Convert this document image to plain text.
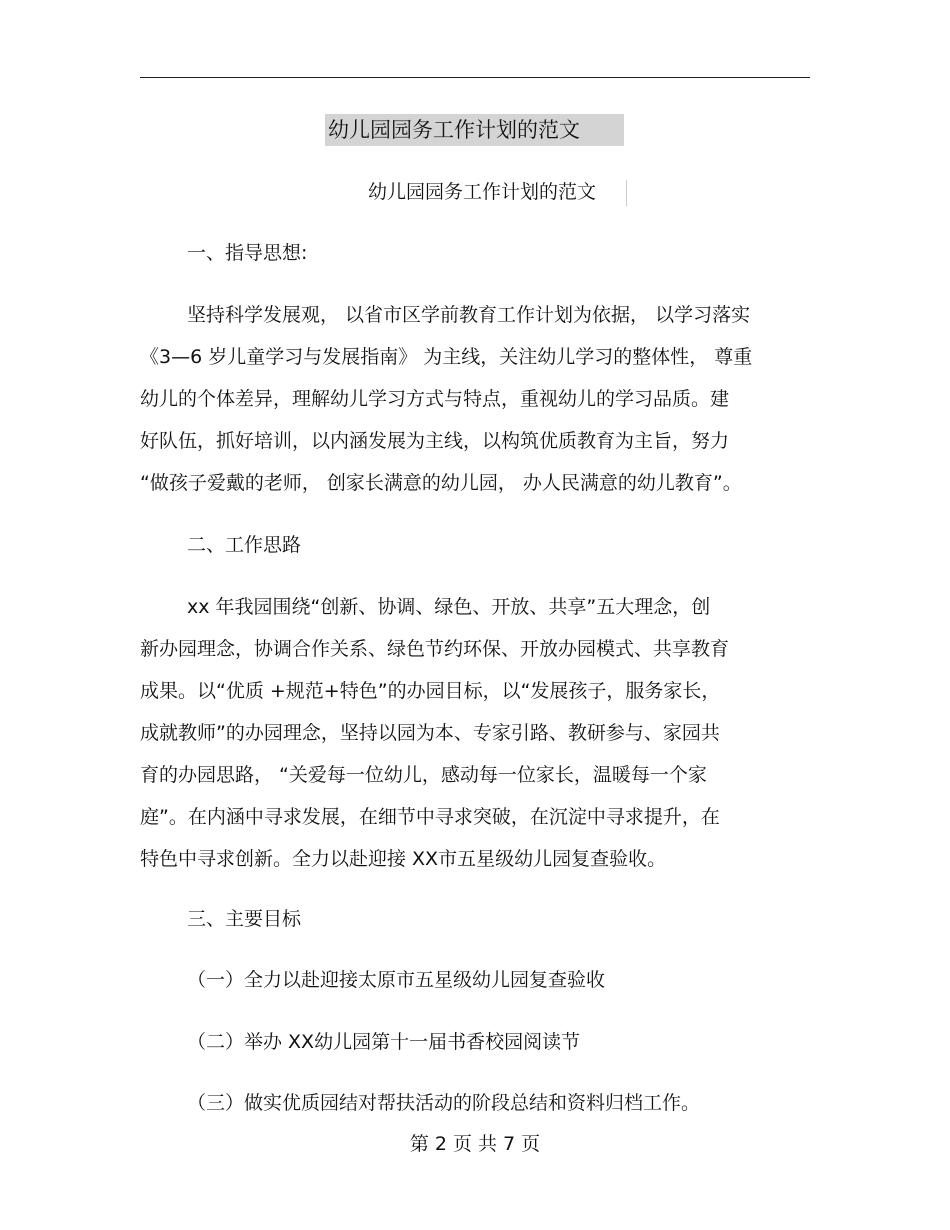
幼儿园园务工作计划的范文
幼儿园园务工作计划的范文
一、指导思想:
坚持科学发展观， 以省市区学前教育工作计划为依据， 以学习落实
《3—6 岁儿童学习与发展指南》 为主线，关注幼儿学习的整体性， 尊重
幼儿的个体差异，理解幼儿学习方式与特点，重视幼儿的学习品质。建
好队伍，抓好培训，以内涵发展为主线，以构筑优质教育为主旨，努力
“做孩子爱戴的老师， 创家长满意的幼儿园， 办人民满意的幼儿教育”。
二、工作思路
xx 年我园围绕“创新、协调、绿色、开放、共享”五大理念，创
新办园理念，协调合作关系、绿色节约环保、开放办园模式、共享教育
成果。以“优质 +规范+特色”的办园目标，以“发展孩子，服务家长，
成就教师”的办园理念，坚持以园为本、专家引路、教研参与、家园共
育的办园思路， “关爱每一位幼儿，感动每一位家长，温暖每一个家
庭”。在内涵中寻求发展，在细节中寻求突破，在沉淀中寻求提升，在
特色中寻求创新。全力以赴迎接 XX市五星级幼儿园复查验收。
三、主要目标
（一）全力以赴迎接太原市五星级幼儿园复查验收
（二）举办 XX幼儿园第十一届书香校园阅读节
（三）做实优质园结对帮扶活动的阶段总结和资料归档工作。
第 2 页 共 7 页
